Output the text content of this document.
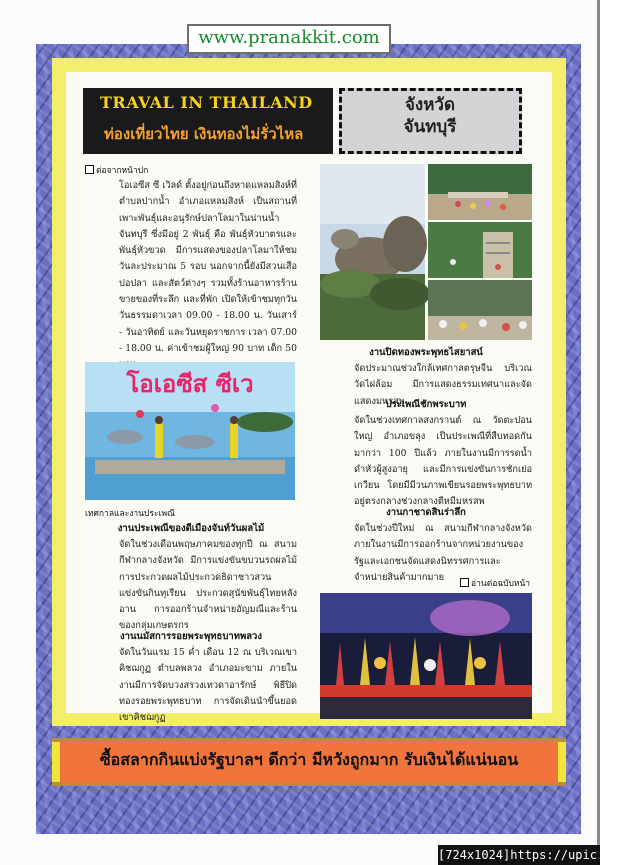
www.pranakkit.com
TRAVAL IN THAILAND
ท่องเที่ยวไทย เงินทองไม่รั่วไหล
จังหวัด
จันทบุรี
ต่อจากหน้าปก
โอเอซีส ซี เวิลด์ ตั้งอยู่ก่อนถึงหาดแหลมสิงห์ที่ตำบลปากน้ำ อำเภอแหลมสิงห์ เป็นสถานที่เพาะพันธุ์และอนุรักษ์ปลาโลมาในน่านน้ำ จันทบุรี ซึ่งมีอยู่ 2 พันธุ์ คือ พันธุ์หัวบาตรและพันธุ์หัวขวด มีการแสดงของปลาโลมาให้ชมวันละประมาณ 5 รอบ นอกจากนี้ยังมีสวนเสือ ปอปลา และสัตว์ต่างๆ รวมทั้งร้านอาหารร้านขายของที่ระลึก และที่พัก เปิดให้เข้าชมทุกวัน วันธรรมดาเวลา 09.00 - 18.00 น. วันเสาร์ - วันอาทิตย์ และวันหยุดราชการ เวลา 07.00 - 18.00 น. ค่าเข้าชมผู้ใหญ่ 90 บาท เด็ก 50
โอเอซีส ซีเว
เทศกาลและงานประเพณี
งานประเพณีของดีเมืองจันท์วันผลไม้
จัดในช่วงเดือนพฤษภาคมของทุกปี ณ สนามกีฬากลางจังหวัด มีการแข่งขันขบวนรถผลไม้ การประกวดผลไม้ประกวดธิดาชาวสวน แข่งขันกินทุเรียน ประกวดสุนัขพันธุ์ไทยหลังอาน การออกร้านจำหน่ายอัญมณีและร้านของกลุ่มเกษตรกร
งานนมัสการรอยพระพุทธบาทพลวง
จัดในวันแรม 15 ค่ำ เดือน 12 ณ บริเวณเขาคิชฌกูฏ ตำบลพลวง อำเภอมะขาม ภายในงานมีการจัดบวงสรวงเทวดาอารักษ์ พิธีปิดทองรอยพระพุทธบาท การจัดเดินนำขึ้นยอดเขาคิชฌกูฏ
งานปิดทองพระพุทธไสยาสน์
จัดประมาณช่วงใกล้เทศกาลตรุษจีน บริเวณวัดไผ่ล้อม มีการแสดงธรรมเทศนาและจัดแสดงมหรสพ
ประเพณีชักพระบาท
จัดในช่วงเทศกาลสงกรานต์ ณ วัดตะปอนใหญ่ อำเภอขลุง เป็นประเพณีที่สืบทอดกันมากว่า 100 ปีแล้ว ภายในงานมีการรดน้ำดำหัวผู้สูงอายุ และมีการแข่งขันการชักเย่อเกวียน โดยมีมีวนภาพเขียนรอยพระพุทธบาทอยู่ตรงกลางช่วงกลางตีหมีมหรสพ
งานกาชาดสินร่าลึก
จัดในช่วงปีใหม่ ณ สนามกีฬากลางจังหวัด ภายในงานมีการออกร้านจากหน่วยงานของรัฐและเอกชนจัดแสดงนิทรรศการและจำหน่ายสินค้ามากมาย
อ่านต่อฉบับหน้า
ซื้อสลากกินแบ่งรัฐบาลฯ ดีกว่า มีหวังถูกมาก รับเงินได้แน่นอน
[724x1024]https://upic.me/
